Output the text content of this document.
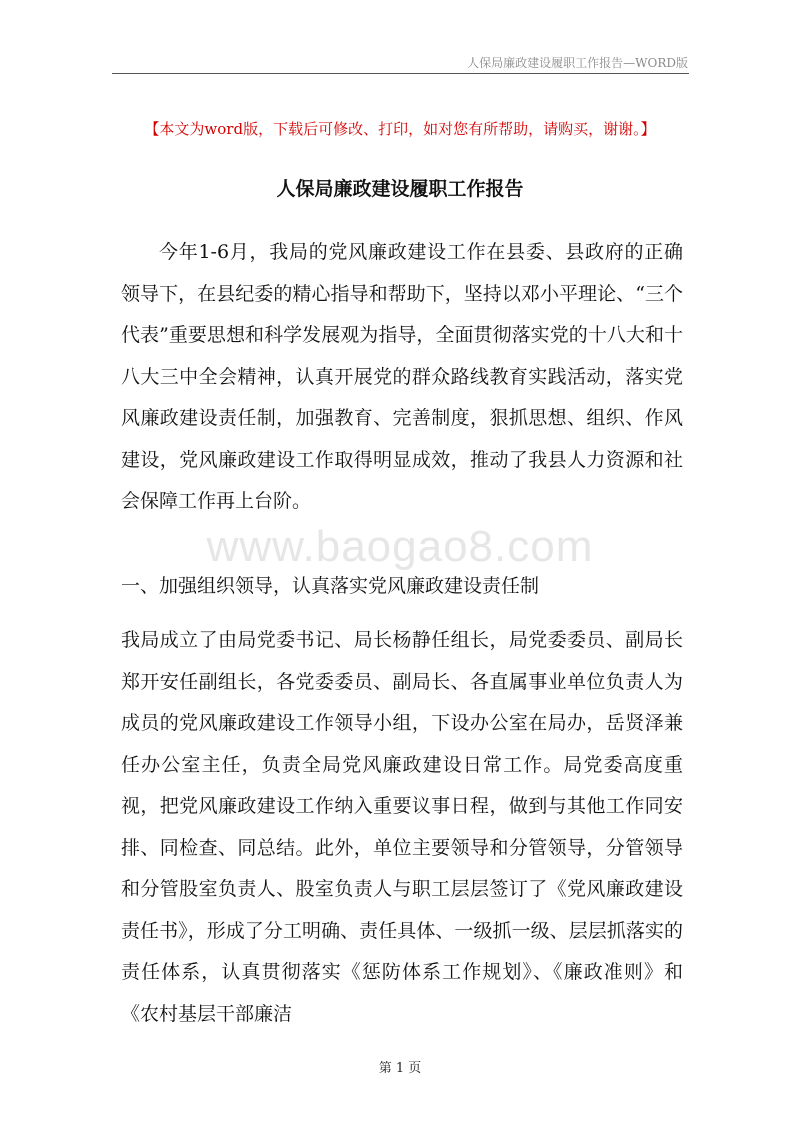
人保局廉政建设履职工作报告—WORD版
【本文为word版，下载后可修改、打印，如对您有所帮助，请购买，谢谢。】
人保局廉政建设履职工作报告
今年1-6月，我局的党风廉政建设工作在县委、县政府的正确领导下，在县纪委的精心指导和帮助下，坚持以邓小平理论、“三个代表”重要思想和科学发展观为指导，全面贯彻落实党的十八大和十八大三中全会精神，认真开展党的群众路线教育实践活动，落实党风廉政建设责任制，加强教育、完善制度，狠抓思想、组织、作风建设，党风廉政建设工作取得明显成效，推动了我县人力资源和社会保障工作再上台阶。
www.baogao8.com
一、加强组织领导，认真落实党风廉政建设责任制
我局成立了由局党委书记、局长杨静任组长，局党委委员、副局长郑开安任副组长，各党委委员、副局长、各直属事业单位负责人为成员的党风廉政建设工作领导小组，下设办公室在局办，岳贤泽兼任办公室主任，负责全局党风廉政建设日常工作。局党委高度重视，把党风廉政建设工作纳入重要议事日程，做到与其他工作同安排、同检查、同总结。此外，单位主要领导和分管领导，分管领导和分管股室负责人、股室负责人与职工层层签订了《党风廉政建设责任书》，形成了分工明确、责任具体、一级抓一级、层层抓落实的责任体系，认真贯彻落实《惩防体系工作规划》、《廉政准则》和《农村基层干部廉洁
第 1 页
